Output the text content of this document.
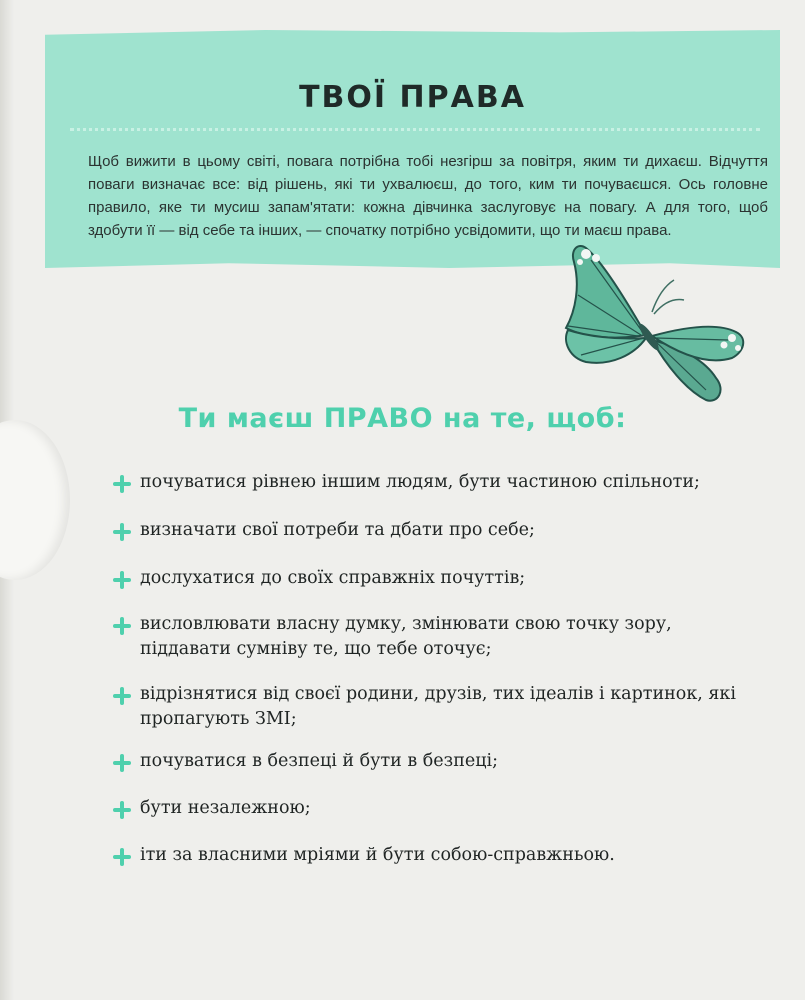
ТВОЇ ПРАВА

Щоб вижити в цьому світі, повага потрібна тобі незгірш за повітря, яким ти дихаєш. Відчуття поваги визначає все: від рішень, які ти ухвалюєш, до того, ким ти почуваєшся. Ось головне правило, яке ти мусиш запам'ятати: кожна дівчинка заслуговує на повагу. А для того, щоб здобути її — від себе та інших, — спочатку потрібно усвідомити, що ти маєш права.

Ти маєш ПРАВО на те, щоб:
почуватися рівнею іншим людям, бути частиною спільноти;
визначати свої потреби та дбати про себе;
дослухатися до своїх справжніх почуттів;
висловлювати власну думку, змінювати свою точку зору, піддавати сумніву те, що тебе оточує;
відрізнятися від своєї родини, друзів, тих ідеалів і картинок, які пропагують ЗМІ;
почуватися в безпеці й бути в безпеці;
бути незалежною;
іти за власними мріями й бути собою-справжньою.
